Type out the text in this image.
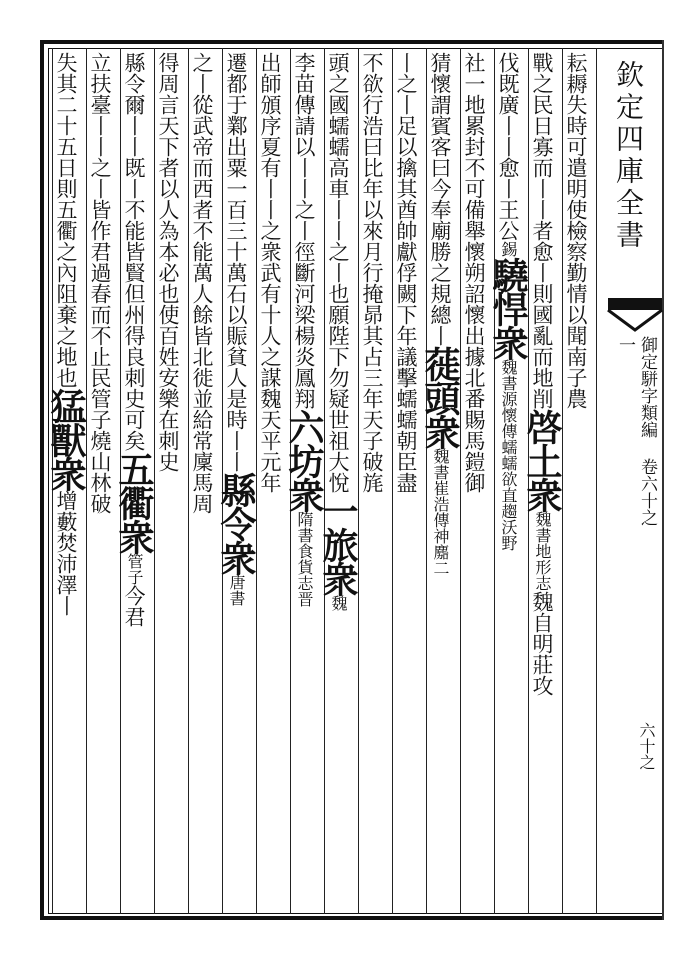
欽定四庫全書
御定駢字類編 卷六十之一
六十之
耘耨失時可遣明使檢察勤情以聞南子農
戰之民日寡而丨丨者愈丨則國亂而地削啓土衆魏書地形志魏自明莊攻
伐既廣丨丨愈丨王公錫驍悍衆魏書源懷傳蠕蠕欲直趨沃野
社一地累封不可備舉懷朔詔懷出據北番賜馬鎧御
猜懷謂賓客曰今奉廟勝之規總丨蓰頭衆魏書崔浩傳神䴥二
丨之丨足以擒其酋帥獻俘闕下年議擊蠕蠕朝臣盡
不欲行浩曰比年以來月行掩昴其占三年天子破旄
頭之國蠕蠕高車丨丨之丨也願陛下勿疑世祖大悅一旅衆魏
李苗傳請以丨丨之丨徑斷河梁楊炎鳳翔六坊衆隋書食貨志晋
出師頒序夏有丨丨之衆武有十人之謀魏天平元年
遷都于鄴出粟一百三十萬石以賑貧人是時丨丨縣令衆唐書
之丨從武帝而西者不能萬人餘皆北徙並給常廩馬周
得周言天下者以人為本必也使百姓安樂在刺史
縣令爾丨丨既丨不能皆賢但州得良刺史可矣五衢衆管子今君
立扶臺丨丨之丨皆作君過春而不止民管子燒山林破
失其二十五日則五衢之內阻棄之地也猛獸衆增藪焚沛澤丨
